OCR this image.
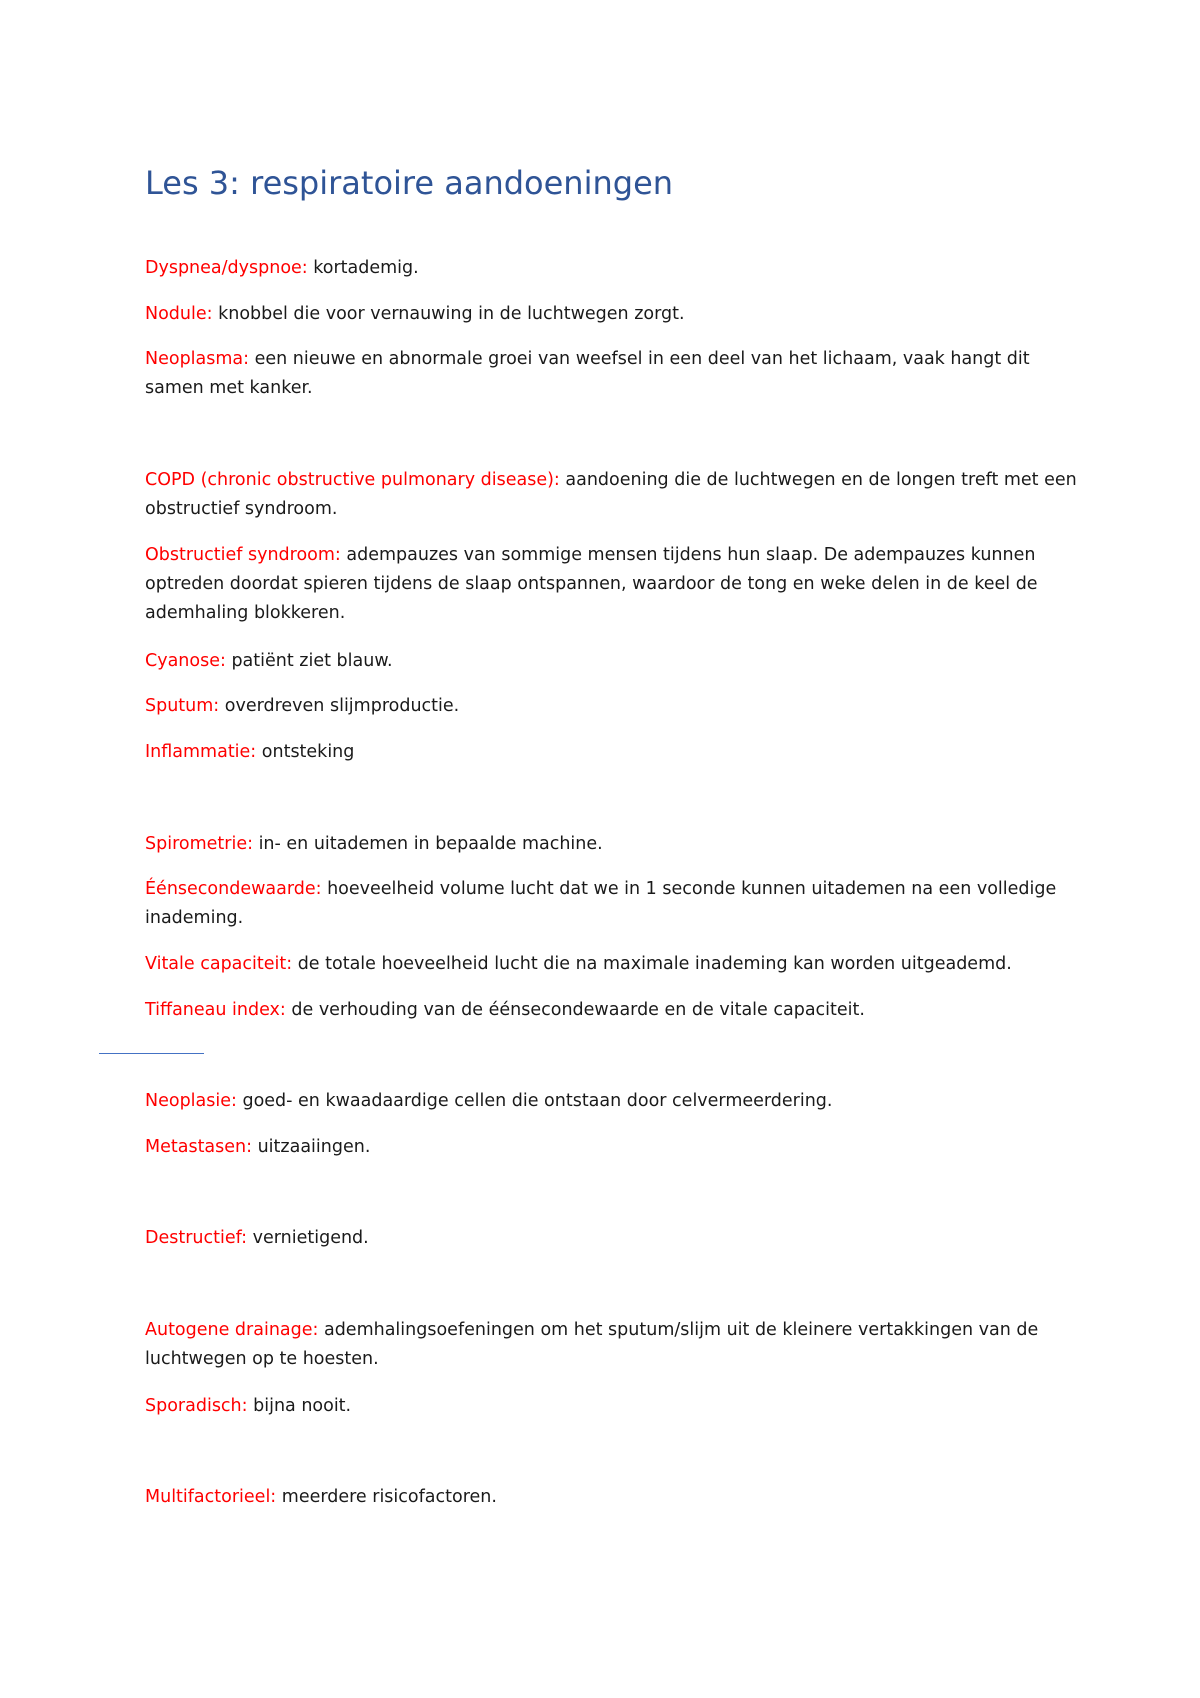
Les 3: respiratoire aandoeningen

Dyspnea/dyspnoe: kortademig.

Nodule: knobbel die voor vernauwing in de luchtwegen zorgt.

Neoplasma: een nieuwe en abnormale groei van weefsel in een deel van het lichaam, vaak hangt dit samen met kanker.

COPD (chronic obstructive pulmonary disease): aandoening die de luchtwegen en de longen treft met een obstructief syndroom.

Obstructief syndroom: adempauzes van sommige mensen tijdens hun slaap. De adempauzes kunnen optreden doordat spieren tijdens de slaap ontspannen, waardoor de tong en weke delen in de keel de ademhaling blokkeren.

Cyanose: patiënt ziet blauw.

Sputum: overdreven slijmproductie.

Inflammatie: ontsteking

Spirometrie: in- en uitademen in bepaalde machine.

Éénsecondewaarde: hoeveelheid volume lucht dat we in 1 seconde kunnen uitademen na een volledige inademing.

Vitale capaciteit: de totale hoeveelheid lucht die na maximale inademing kan worden uitgeademd.

Tiffaneau index: de verhouding van de éénsecondewaarde en de vitale capaciteit.

Neoplasie: goed- en kwaadaardige cellen die ontstaan door celvermeerdering.

Metastasen: uitzaaiingen.

Destructief: vernietigend.

Autogene drainage: ademhalingsoefeningen om het sputum/slijm uit de kleinere vertakkingen van de luchtwegen op te hoesten.

Sporadisch: bijna nooit.

Multifactorieel: meerdere risicofactoren.
